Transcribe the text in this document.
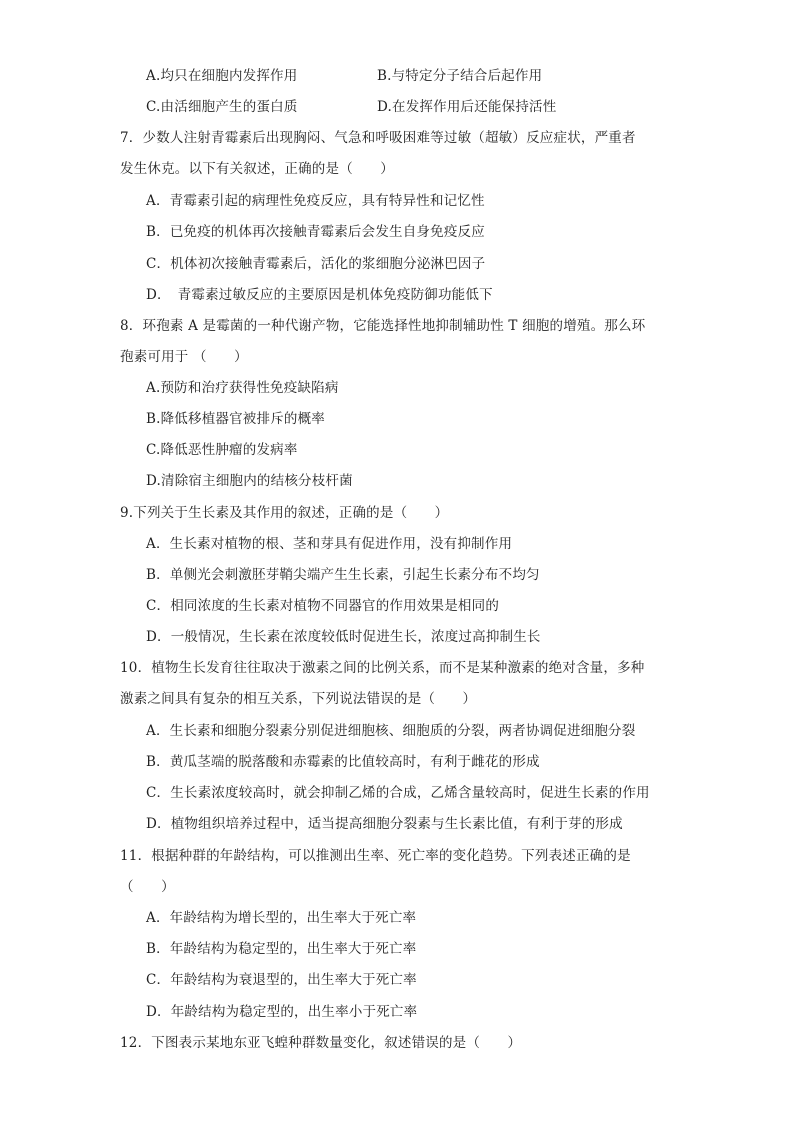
A.均只在细胞内发挥作用	B.与特定分子结合后起作用
C.由活细胞产生的蛋白质	D.在发挥作用后还能保持活性
7．少数人注射青霉素后出现胸闷、气急和呼吸困难等过敏（超敏）反应症状，严重者
发生休克。以下有关叙述，正确的是（　　）
A．青霉素引起的病理性免疫反应，具有特异性和记忆性
B．已免疫的机体再次接触青霉素后会发生自身免疫反应
C．机体初次接触青霉素后，活化的浆细胞分泌淋巴因子
D．　青霉素过敏反应的主要原因是机体免疫防御功能低下
8．环孢素 A 是霉菌的一种代谢产物，它能选择性地抑制辅助性 T 细胞的增殖。那么环
孢素可用于 （　　）
A.预防和治疗获得性免疫缺陷病
B.降低移植器官被排斥的概率
C.降低恶性肿瘤的发病率
D.清除宿主细胞内的结核分枝杆菌
9.下列关于生长素及其作用的叙述，正确的是（　　）
A．生长素对植物的根、茎和芽具有促进作用，没有抑制作用
B．单侧光会刺激胚芽鞘尖端产生生长素，引起生长素分布不均匀
C．相同浓度的生长素对植物不同器官的作用效果是相同的
D．一般情况，生长素在浓度较低时促进生长，浓度过高抑制生长
10．植物生长发育往往取决于激素之间的比例关系，而不是某种激素的绝对含量，多种
激素之间具有复杂的相互关系，下列说法错误的是（　　）
A．生长素和细胞分裂素分别促进细胞核、细胞质的分裂，两者协调促进细胞分裂
B．黄瓜茎端的脱落酸和赤霉素的比值较高时，有利于雌花的形成
C．生长素浓度较高时，就会抑制乙烯的合成，乙烯含量较高时，促进生长素的作用
D．植物组织培养过程中，适当提高细胞分裂素与生长素比值，有利于芽的形成
11．根据种群的年龄结构，可以推测出生率、死亡率的变化趋势。下列表述正确的是
（　　）
A．年龄结构为增长型的，出生率大于死亡率
B．年龄结构为稳定型的，出生率大于死亡率
C．年龄结构为衰退型的，出生率大于死亡率
D．年龄结构为稳定型的，出生率小于死亡率
12．下图表示某地东亚飞蝗种群数量变化，叙述错误的是（　　）
